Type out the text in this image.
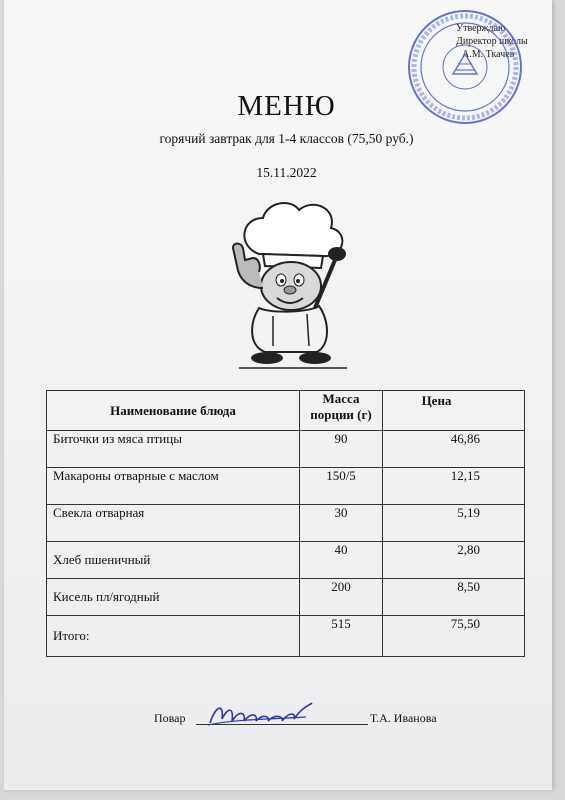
Утверждаю
Директор школы
А.М. Ткачев
МЕНЮ
горячий завтрак для 1-4 классов (75,50 руб.)
15.11.2022
Наименование блюда	Масса порции (г)	Цена
Биточки из мяса птицы	90	46,86
Макароны отварные с маслом	150/5	12,15
Свекла отварная	30	5,19
Хлеб пшеничный	40	2,80
Кисель пл/ягодный	200	8,50
Итого:	515	75,50
Повар	Т.А. Иванова
